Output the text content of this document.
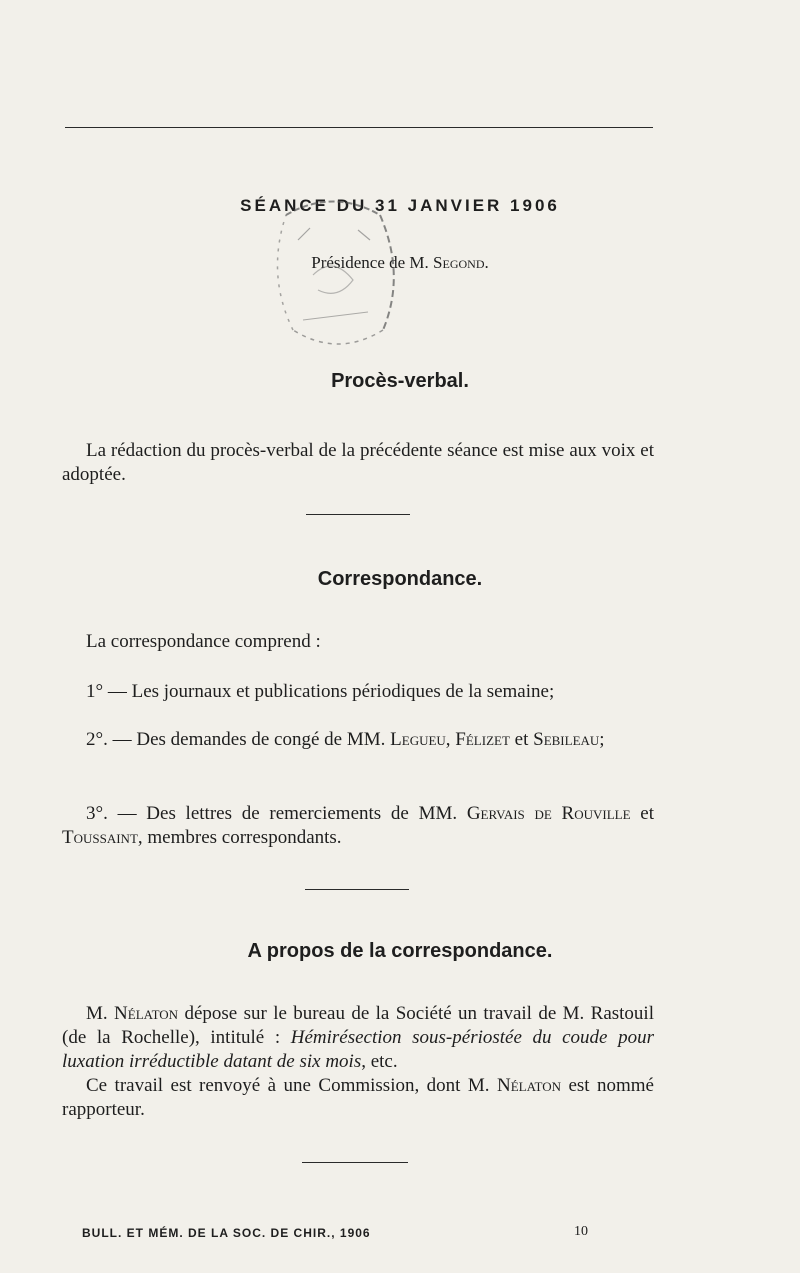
SÉANCE DU 31 JANVIER 1906
Présidence de M. Segond.
Procès-verbal.
La rédaction du procès-verbal de la précédente séance est mise aux voix et adoptée.
Correspondance.
La correspondance comprend :
1° — Les journaux et publications périodiques de la semaine;
2°. — Des demandes de congé de MM. Legueu, Félizet et Sebileau;
3°. — Des lettres de remerciements de MM. Gervais de Rouville et Toussaint, membres correspondants.
A propos de la correspondance.
M. Nélaton dépose sur le bureau de la Société un travail de M. Rastouil (de la Rochelle), intitulé : Hémirésection sous-périostée du coude pour luxation irréductible datant de six mois, etc.
Ce travail est renvoyé à une Commission, dont M. Nélaton est nommé rapporteur.
BULL. ET MÉM. DE LA SOC. DE CHIR., 1906	10
